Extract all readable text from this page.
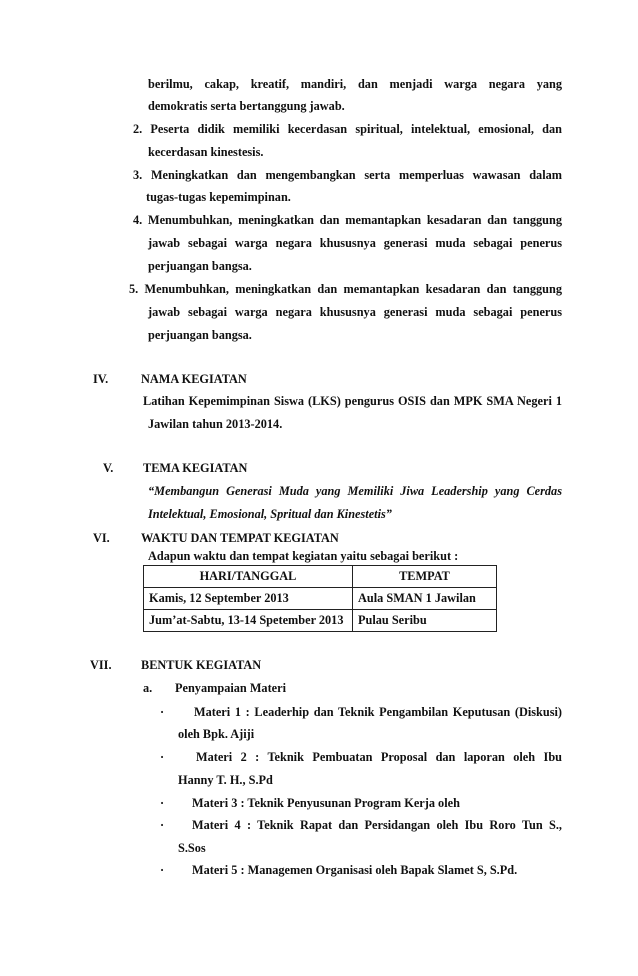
berilmu, cakap, kreatif, mandiri, dan menjadi warga negara yang
demokratis serta bertanggung jawab.
2. Peserta didik memiliki kecerdasan spiritual, intelektual, emosional, dan
kecerdasan kinestesis.
3. Meningkatkan dan mengembangkan serta memperluas wawasan dalam
tugas-tugas kepemimpinan.
4. Menumbuhkan, meningkatkan dan memantapkan kesadaran dan tanggung
jawab sebagai warga negara khususnya generasi muda sebagai penerus
perjuangan bangsa.
5. Menumbuhkan, meningkatkan dan memantapkan kesadaran dan tanggung
jawab sebagai warga negara khususnya generasi muda sebagai penerus
perjuangan bangsa.
IV.	NAMA KEGIATAN
Latihan Kepemimpinan Siswa (LKS) pengurus OSIS dan MPK SMA Negeri 1
Jawilan tahun 2013-2014.
V. TEMA KEGIATAN
“Membangun Generasi Muda yang Memiliki Jiwa Leadership yang Cerdas
Intelektual, Emosional, Spritual dan Kinestetis”
VI.	WAKTU DAN TEMPAT KEGIATAN
Adapun waktu dan tempat kegiatan yaitu sebagai berikut :
HARI/TANGGAL	TEMPAT
Kamis, 12 September 2013	Aula SMAN 1 Jawilan
Jum’at-Sabtu, 13-14 Spetember 2013	Pulau Seribu
VII. BENTUK KEGIATAN
a. Penyampaian Materi
· Materi 1 : Leaderhip dan Teknik Pengambilan Keputusan (Diskusi)
oleh Bpk. Ajiji
·	Materi 2 : Teknik Pembuatan Proposal dan laporan oleh Ibu
Hanny T. H., S.Pd
· Materi 3 : Teknik Penyusunan Program Kerja oleh
· Materi 4 : Teknik Rapat dan Persidangan oleh Ibu Roro Tun S.,
S.Sos
· Materi 5 : Managemen Organisasi oleh Bapak Slamet S, S.Pd.
